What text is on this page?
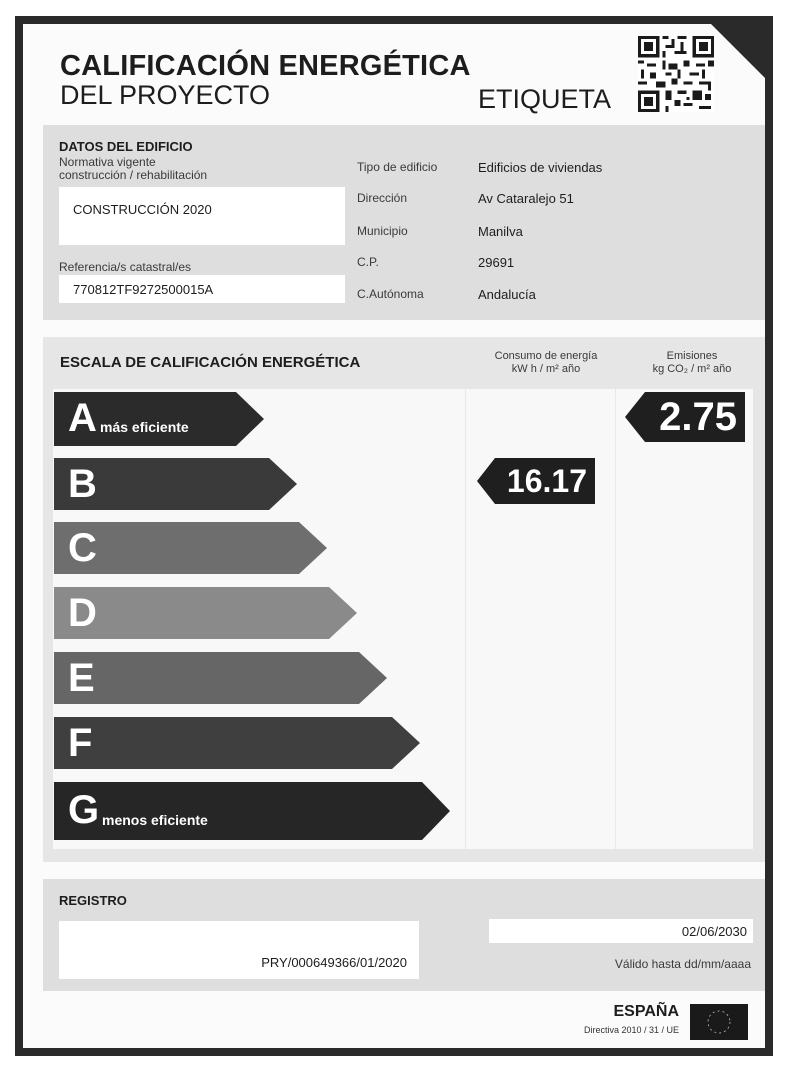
CALIFICACIÓN ENERGÉTICA
DEL PROYECTO	ETIQUETA
DATOS DEL EDIFICIO
Normativa vigente
construcción / rehabilitación
CONSTRUCCIÓN 2020
Referencia/s catastral/es
770812TF9272500015A
Tipo de edificio	Edificios de viviendas
Dirección	Av Cataralejo 51
Municipio	Manilva
C.P.	29691
C.Autónoma	Andalucía
ESCALA DE CALIFICACIÓN ENERGÉTICA	Consumo de energía
kW h / m² año
Emisiones
kg CO₂ / m² año
A más eficiente
B
C
D
E
F
G menos eficiente
2.75
16.17
REGISTRO
PRY/000649366/01/2020
02/06/2030
Válido hasta dd/mm/aaaa
ESPAÑA
Directiva 2010 / 31 / UE
